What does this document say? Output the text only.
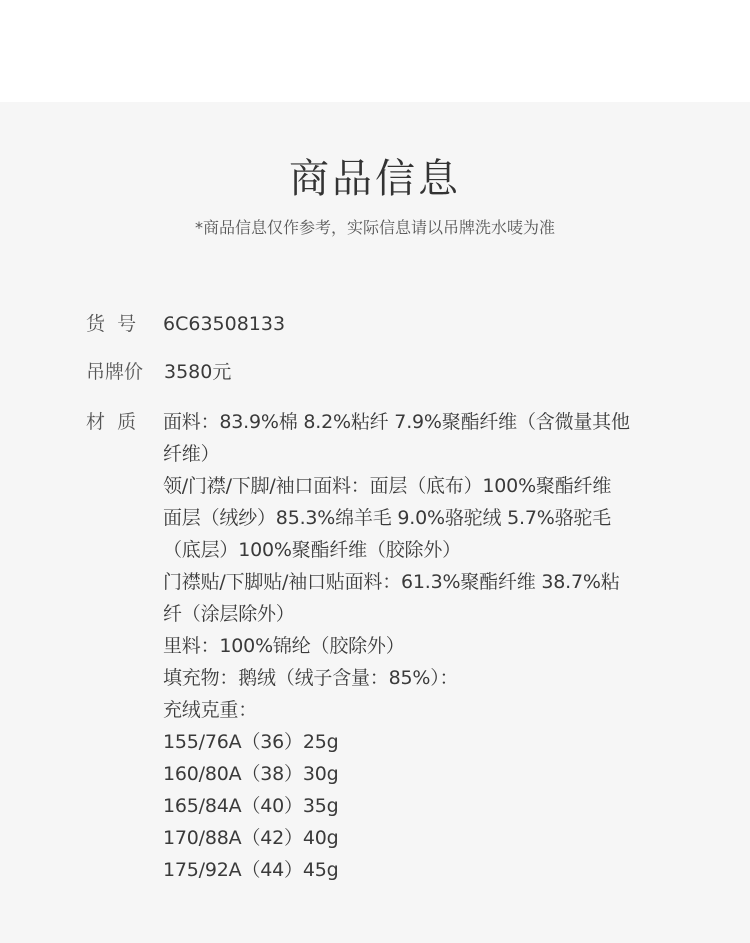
商品信息
*商品信息仅作参考，实际信息请以吊牌洗水唛为准
货  号 6C63508133
吊牌价 3580元
材  质 面料：83.9%棉 8.2%粘纤 7.9%聚酯纤维（含微量其他
纤维）
领/门襟/下脚/袖口面料：面层（底布）100%聚酯纤维
面层（绒纱）85.3%绵羊毛 9.0%骆驼绒 5.7%骆驼毛
（底层）100%聚酯纤维（胶除外）
门襟贴/下脚贴/袖口贴面料：61.3%聚酯纤维 38.7%粘
纤（涂层除外）
里料：100%锦纶（胶除外）
填充物：鹅绒（绒子含量：85%）：
充绒克重：
155/76A（36）25g
160/80A（38）30g
165/84A（40）35g
170/88A（42）40g
175/92A（44）45g
